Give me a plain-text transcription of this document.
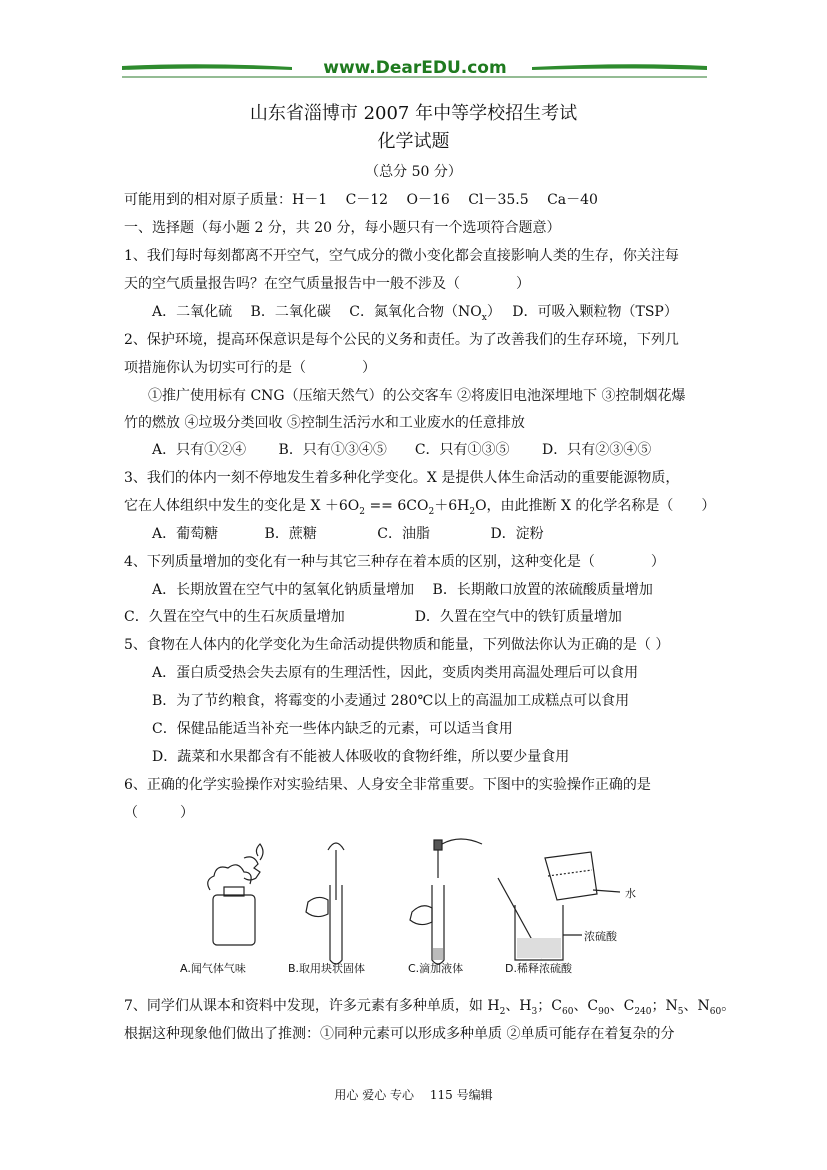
www.DearEDU.com
山东省淄博市 2007 年中等学校招生考试
化学试题
（总分 50 分）
可能用到的相对原子质量：H－1　 C－12　 O－16　 Cl－35.5　 Ca－40
一、选择题（每小题 2 分，共 20 分，每小题只有一个选项符合题意）
1、我们每时每刻都离不开空气，空气成分的微小变化都会直接影响人类的生存，你关注每
天的空气质量报告吗？在空气质量报告中一般不涉及（　　　　）
A．二氧化硫　 B．二氧化碳　 C．氮氧化合物$(NO_x)$　 D．可吸入颗粒物（TSP）
2、保护环境，提高环保意识是每个公民的义务和责任。为了改善我们的生存环境，下列几
项措施你认为切实可行的是（　　　　）
①推广使用标有 CNG（压缩天然气）的公交客车 ②将废旧电池深埋地下 ③控制烟花爆
竹的燃放 ④垃圾分类回收 ⑤控制生活污水和工业废水的任意排放
A．只有①②④　　 B．只有①③④⑤　　C．只有①③⑤　　 D．只有②③④⑤
3、我们的体内一刻不停地发生着多种化学变化。X 是提供人体生命活动的重要能源物质，
它在人体组织中发生的变化是 $X +6O_2 == 6CO_2+6H_2O$，由此推断 X 的化学名称是（　　）
A．葡萄糖　　　 B．蔗糖　　　　 C．油脂　　　　 D．淀粉
4、下列质量增加的变化有一种与其它三种存在着本质的区别，这种变化是（　　　　）
A．长期放置在空气中的氢氧化钠质量增加　 B．长期敞口放置的浓硫酸质量增加
C．久置在空气中的生石灰质量增加　　　　　D．久置在空气中的铁钉质量增加
5、食物在人体内的化学变化为生命活动提供物质和能量，下列做法你认为正确的是（ ）
A．蛋白质受热会失去原有的生理活性，因此，变质肉类用高温处理后可以食用
B．为了节约粮食，将霉变的小麦通过 280℃以上的高温加工成糕点可以食用
C．保健品能适当补充一些体内缺乏的元素，可以适当食用
D．蔬菜和水果都含有不能被人体吸收的食物纤维，所以要少量食用
6、正确的化学实验操作对实验结果、人身安全非常重要。下图中的实验操作正确的是
（　　　）
A.闻气体气味	B.取用块状固体	C.滴加液体	D.稀释浓硫酸
水
浓硫酸
7、同学们从课本和资料中发现，许多元素有多种单质，如 $H_2$、$H_3$；$C_{60}$、$C_{90}$、$C_{240}$；$N_5$、$N_{60}$。
根据这种现象他们做出了推测：①同种元素可以形成多种单质 ②单质可能存在着复杂的分
用心 爱心 专心　 115 号编辑
